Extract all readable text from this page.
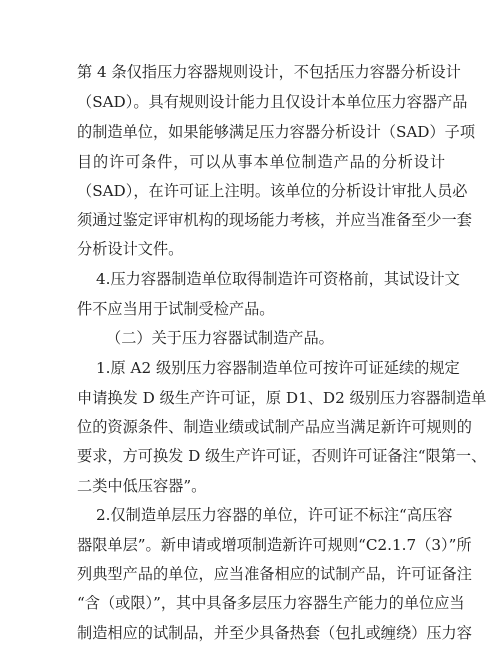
第 4 条仅指压力容器规则设计，不包括压力容器分析设计
（SAD）。具有规则设计能力且仅设计本单位压力容器产品
的制造单位，如果能够满足压力容器分析设计（SAD）子项
目的许可条件，可以从事本单位制造产品的分析设计
（SAD），在许可证上注明。该单位的分析设计审批人员必
须通过鉴定评审机构的现场能力考核，并应当准备至少一套
分析设计文件。
4.压力容器制造单位取得制造许可资格前，其试设计文
件不应当用于试制受检产品。
（二）关于压力容器试制造产品。
1.原 A2 级别压力容器制造单位可按许可证延续的规定
申请换发 D 级生产许可证，原 D1、D2 级别压力容器制造单
位的资源条件、制造业绩或试制产品应当满足新许可规则的
要求，方可换发 D 级生产许可证，否则许可证备注“限第一、
二类中低压容器”。
2.仅制造单层压力容器的单位，许可证不标注“高压容
器限单层”。新申请或增项制造新许可规则“C2.1.7（3）”所
列典型产品的单位，应当准备相应的试制产品，许可证备注
“含（或限）”，其中具备多层压力容器生产能力的单位应当
制造相应的试制品，并至少具备热套（包扎或缠绕）压力容
